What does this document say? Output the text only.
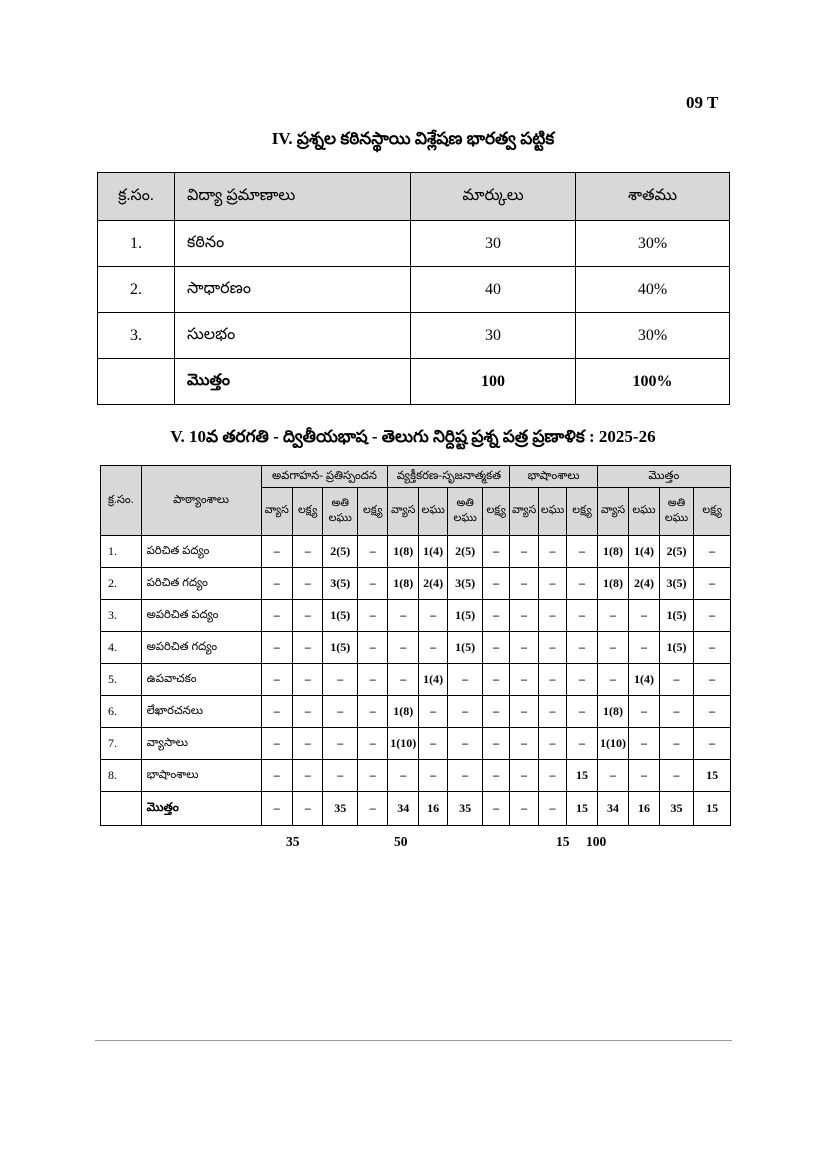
09 T
IV. ప్రశ్నల కఠినస్థాయి విశ్లేషణ భారత్వ పట్టిక
క్ర.సం.	విద్యా ప్రమాణాలు	మార్కులు	శాతము
1.	కఠినం	30	30%
2.	సాధారణం	40	40%
3.	సులభం	30	30%
	మొత్తం	100	100%
V. 10వ తరగతి - ద్వితీయభాష - తెలుగు నిర్దిష్ట ప్రశ్న పత్ర ప్రణాళిక : 2025-26
క్ర.సం.	పాఠ్యాంశాలు	అవగాహన- ప్రతిస్పందన				వ్యక్తీకరణ-సృజనాత్మకత				భాషాంశాలు			మొత్తం			
		వ్యాస	లక్ష్య	అతి లఘు	లక్ష్య	వ్యాస	లఘు	అతి లఘు	లక్ష్య	వ్యాస	లఘు	లక్ష్య	వ్యాస	లఘు	అతి లఘు	లక్ష్య
1.	పరిచిత పద్యం	–	–	2(5)	–	1(8)	1(4)	2(5)	–	–	–	–	1(8)	1(4)	2(5)	–
2.	పరిచిత గద్యం	–	–	3(5)	–	1(8)	2(4)	3(5)	–	–	–	–	1(8)	2(4)	3(5)	–
3.	అపరిచిత పద్యం	–	–	1(5)	–	–	–	1(5)	–	–	–	–	–	–	1(5)	–
4.	అపరిచిత గద్యం	–	–	1(5)	–	–	–	1(5)	–	–	–	–	–	–	1(5)	–
5.	ఉపవాచకం	–	–	–	–	–	1(4)	–	–	–	–	–	–	1(4)	–	–
6.	లేఖారచనలు	–	–	–	–	1(8)	–	–	–	–	–	–	1(8)	–	–	–
7.	వ్యాసాలు	–	–	–	–	1(10)	–	–	–	–	–	–	1(10)	–	–	–
8.	భాషాంశాలు	–	–	–	–	–	–	–	–	–	–	15	–	–	–	15
	మొత్తం	–	–	35	–	34	16	35	–	–	–	15	34	16	35	15
35	50	15 100
